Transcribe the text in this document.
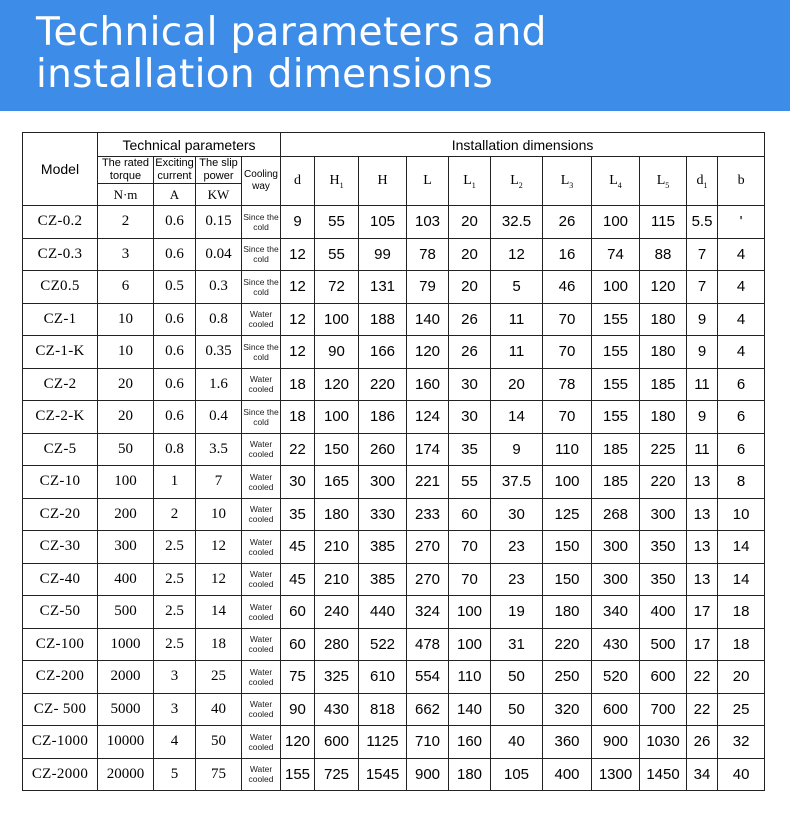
Technical parameters and
installation dimensions
Model	Technical parameters				Installation dimensions										
	The rated torque	Exciting current	The slip power	Cooling way	d	$H_1$	H	L	$L_1$	$L_2$	$L_3$	$L_4$	$L_5$	$d_1$	b
	N·m	A	KW												
CZ-0.2	2	0.6	0.15	Since the cold	9	55	105	103	20	32.5	26	100	115	5.5	'
CZ-0.3	3	0.6	0.04	Since the cold	12	55	99	78	20	12	16	74	88	7	4
CZ0.5	6	0.5	0.3	Since the cold	12	72	131	79	20	5	46	100	120	7	4
CZ-1	10	0.6	0.8	Water cooled	12	100	188	140	26	11	70	155	180	9	4
CZ-1-K	10	0.6	0.35	Since the cold	12	90	166	120	26	11	70	155	180	9	4
CZ-2	20	0.6	1.6	Water cooled	18	120	220	160	30	20	78	155	185	11	6
CZ-2-K	20	0.6	0.4	Since the cold	18	100	186	124	30	14	70	155	180	9	6
CZ-5	50	0.8	3.5	Water cooled	22	150	260	174	35	9	110	185	225	11	6
CZ-10	100	1	7	Water cooled	30	165	300	221	55	37.5	100	185	220	13	8
CZ-20	200	2	10	Water cooled	35	180	330	233	60	30	125	268	300	13	10
CZ-30	300	2.5	12	Water cooled	45	210	385	270	70	23	150	300	350	13	14
CZ-40	400	2.5	12	Water cooled	45	210	385	270	70	23	150	300	350	13	14
CZ-50	500	2.5	14	Water cooled	60	240	440	324	100	19	180	340	400	17	18
CZ-100	1000	2.5	18	Water cooled	60	280	522	478	100	31	220	430	500	17	18
CZ-200	2000	3	25	Water cooled	75	325	610	554	110	50	250	520	600	22	20
CZ- 500	5000	3	40	Water cooled	90	430	818	662	140	50	320	600	700	22	25
CZ-1000	10000	4	50	Water cooled	120	600	1125	710	160	40	360	900	1030	26	32
CZ-2000	20000	5	75	Water cooled	155	725	1545	900	180	105	400	1300	1450	34	40
